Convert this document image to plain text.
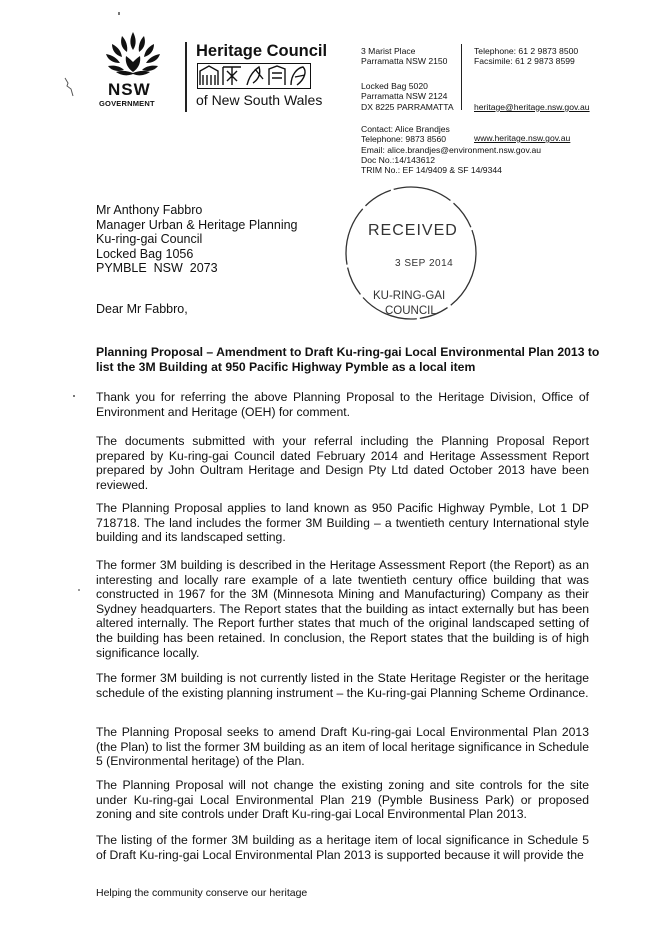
NSW
GOVERNMENT
Heritage Council
of New South Wales
3 Marist Place
Parramatta NSW 2150
Locked Bag 5020
Parramatta NSW 2124
DX 8225 PARRAMATTA
Telephone: 61 2 9873 8500
Facsimile: 61 2 9873 8599

heritage@heritage.nsw.gov.au

www.heritage.nsw.gov.au

Contact: Alice Brandjes
Telephone: 9873 8560
Email: alice.brandjes@environment.nsw.gov.au
Doc No.:14/143612
TRIM No.: EF 14/9409 & SF 14/9344
Mr Anthony Fabbro
Manager Urban & Heritage Planning
Ku-ring-gai Council
Locked Bag 1056
PYMBLE  NSW  2073
RECEIVED
3 SEP 2014
KU-RING-GAI
COUNCIL
Dear Mr Fabbro,
Planning Proposal – Amendment to Draft Ku-ring-gai Local Environmental Plan 2013 to list the 3M Building at 950 Pacific Highway Pymble as a local item
Thank you for referring the above Planning Proposal to the Heritage Division, Office of Environment and Heritage (OEH) for comment.
The documents submitted with your referral including the Planning Proposal Report prepared by Ku-ring-gai Council dated February 2014 and Heritage Assessment Report prepared by John Oultram Heritage and Design Pty Ltd dated October 2013 have been reviewed.
The Planning Proposal applies to land known as 950 Pacific Highway Pymble, Lot 1 DP 718718. The land includes the former 3M Building – a twentieth century International style building and its landscaped setting.
The former 3M building is described in the Heritage Assessment Report (the Report) as an interesting and locally rare example of a late twentieth century office building that was constructed in 1967 for the 3M (Minnesota Mining and Manufacturing) Company as their Sydney headquarters. The Report states that the building as intact externally but has been altered internally. The Report further states that much of the original landscaped setting of the building has been retained. In conclusion, the Report states that the building is of high significance locally.
The former 3M building is not currently listed in the State Heritage Register or the heritage schedule of the existing planning instrument – the Ku-ring-gai Planning Scheme Ordinance.
The Planning Proposal seeks to amend Draft Ku-ring-gai Local Environmental Plan 2013 (the Plan) to list the former 3M building as an item of local heritage significance in Schedule 5 (Environmental heritage) of the Plan.
The Planning Proposal will not change the existing zoning and site controls for the site under Ku-ring-gai Local Environmental Plan 219 (Pymble Business Park) or proposed zoning and site controls under Draft Ku-ring-gai Local Environmental Plan 2013.
The listing of the former 3M building as a heritage item of local significance in Schedule 5 of Draft Ku-ring-gai Local Environmental Plan 2013 is supported because it will provide the
Helping the community conserve our heritage
